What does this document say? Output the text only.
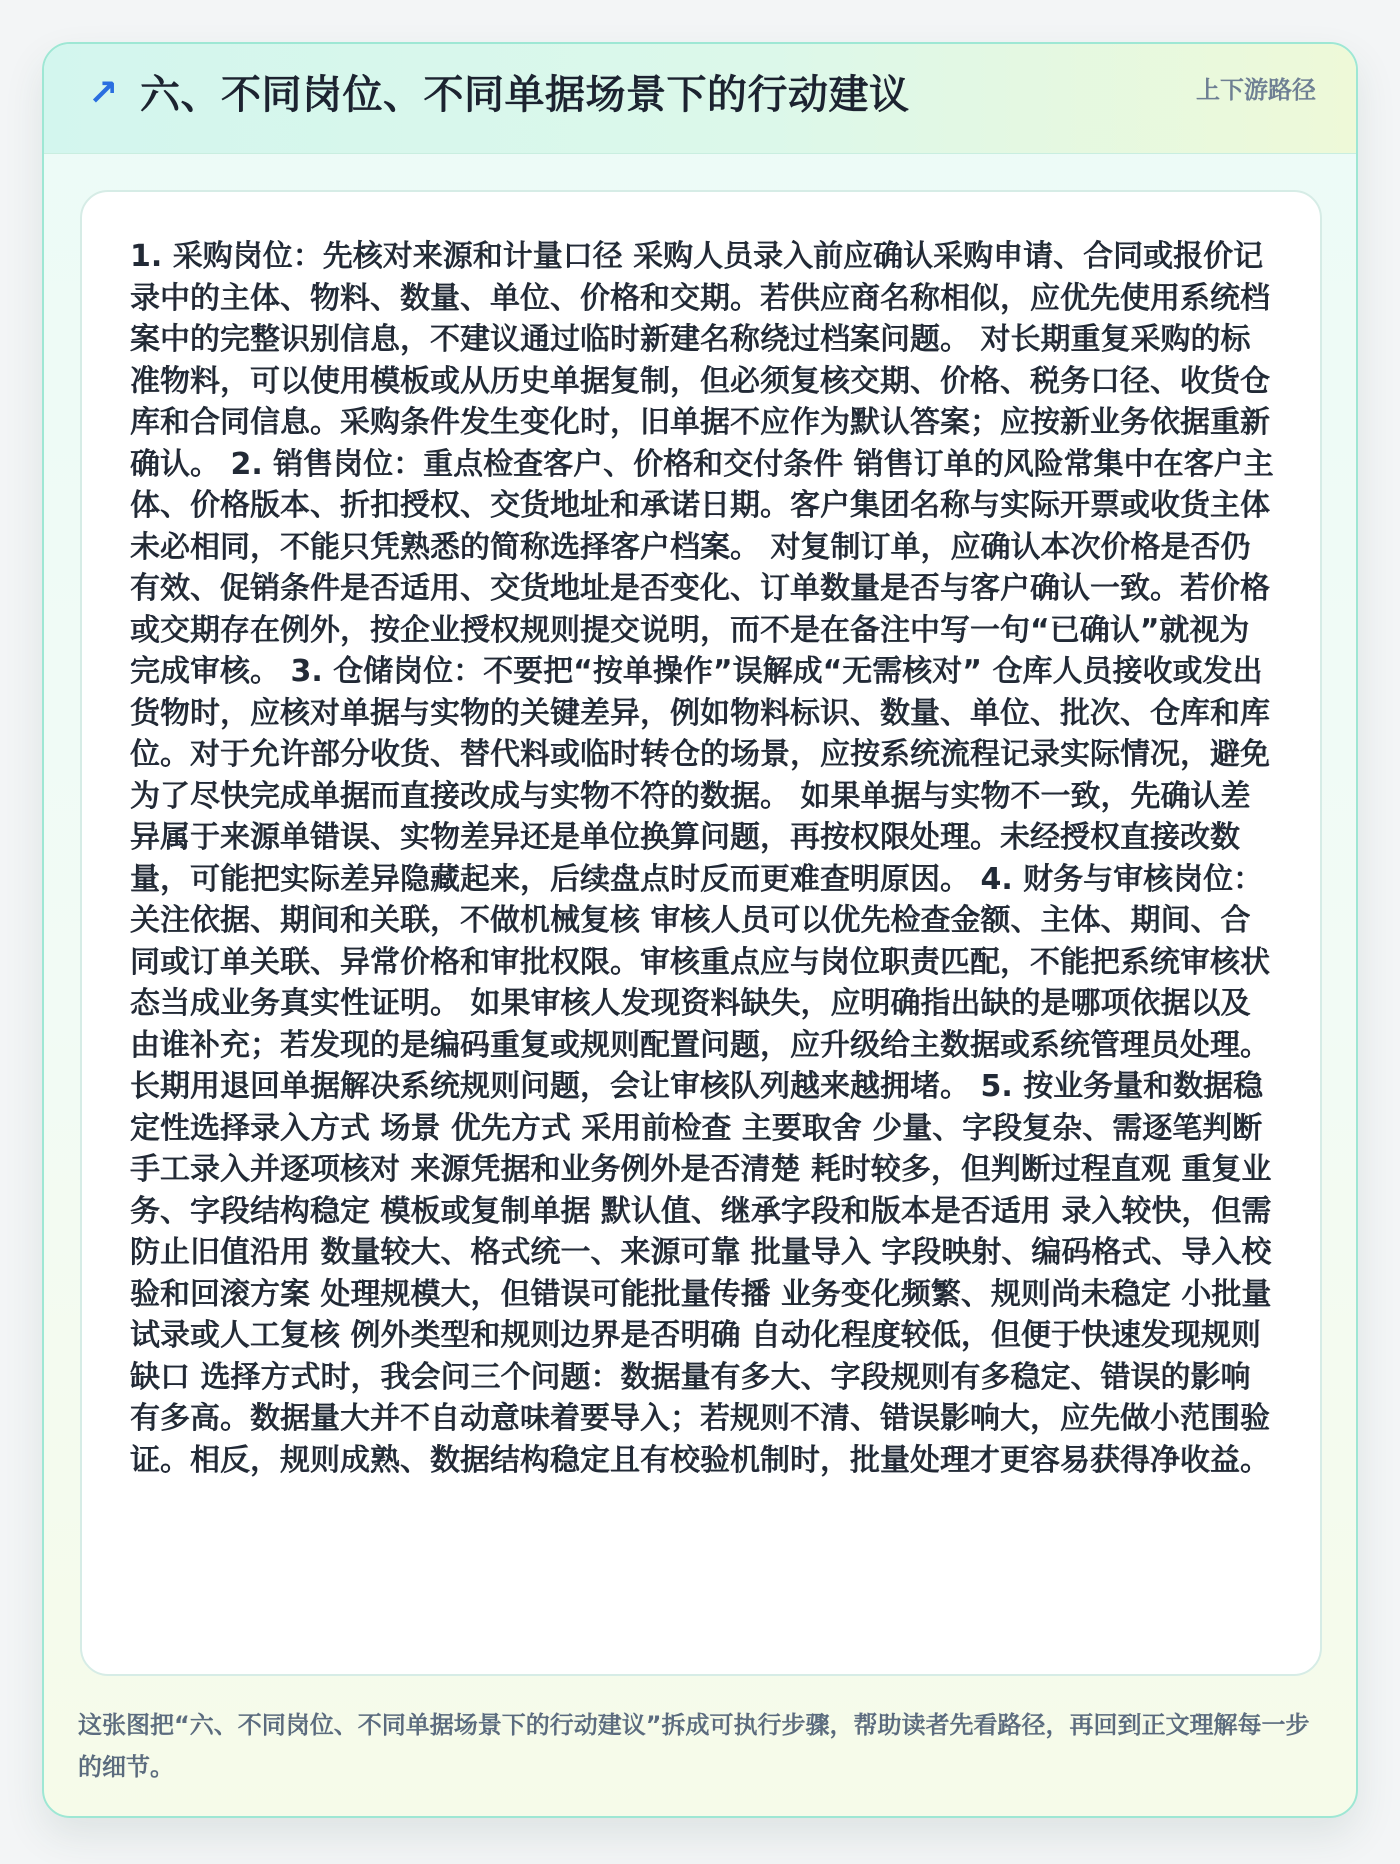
↗ 六、不同岗位、不同单据场景下的行动建议	上下游路径

1. 采购岗位：先核对来源和计量口径 采购人员录入前应确认采购申请、合同或报价记录中的主体、物料、数量、单位、价格和交期。若供应商名称相似，应优先使用系统档案中的完整识别信息，不建议通过临时新建名称绕过档案问题。 对长期重复采购的标准物料，可以使用模板或从历史单据复制，但必须复核交期、价格、税务口径、收货仓库和合同信息。采购条件发生变化时，旧单据不应作为默认答案；应按新业务依据重新确认。 2. 销售岗位：重点检查客户、价格和交付条件 销售订单的风险常集中在客户主体、价格版本、折扣授权、交货地址和承诺日期。客户集团名称与实际开票或收货主体未必相同，不能只凭熟悉的简称选择客户档案。 对复制订单，应确认本次价格是否仍有效、促销条件是否适用、交货地址是否变化、订单数量是否与客户确认一致。若价格或交期存在例外，按企业授权规则提交说明，而不是在备注中写一句“已确认”就视为完成审核。 3. 仓储岗位：不要把“按单操作”误解成“无需核对” 仓库人员接收或发出货物时，应核对单据与实物的关键差异，例如物料标识、数量、单位、批次、仓库和库位。对于允许部分收货、替代料或临时转仓的场景，应按系统流程记录实际情况，避免为了尽快完成单据而直接改成与实物不符的数据。 如果单据与实物不一致，先确认差异属于来源单错误、实物差异还是单位换算问题，再按权限处理。未经授权直接改数量，可能把实际差异隐藏起来，后续盘点时反而更难查明原因。 4. 财务与审核岗位：关注依据、期间和关联，不做机械复核 审核人员可以优先检查金额、主体、期间、合同或订单关联、异常价格和审批权限。审核重点应与岗位职责匹配，不能把系统审核状态当成业务真实性证明。 如果审核人发现资料缺失，应明确指出缺的是哪项依据以及由谁补充；若发现的是编码重复或规则配置问题，应升级给主数据或系统管理员处理。长期用退回单据解决系统规则问题，会让审核队列越来越拥堵。 5. 按业务量和数据稳定性选择录入方式 场景 优先方式 采用前检查 主要取舍 少量、字段复杂、需逐笔判断 手工录入并逐项核对 来源凭据和业务例外是否清楚 耗时较多，但判断过程直观 重复业务、字段结构稳定 模板或复制单据 默认值、继承字段和版本是否适用 录入较快，但需防止旧值沿用 数量较大、格式统一、来源可靠 批量导入 字段映射、编码格式、导入校验和回滚方案 处理规模大，但错误可能批量传播 业务变化频繁、规则尚未稳定 小批量试录或人工复核 例外类型和规则边界是否明确 自动化程度较低，但便于快速发现规则缺口 选择方式时，我会问三个问题：数据量有多大、字段规则有多稳定、错误的影响有多高。数据量大并不自动意味着要导入；若规则不清、错误影响大，应先做小范围验证。相反，规则成熟、数据结构稳定且有校验机制时，批量处理才更容易获得净收益。

这张图把“六、不同岗位、不同单据场景下的行动建议”拆成可执行步骤，帮助读者先看路径，再回到正文理解每一步的细节。
